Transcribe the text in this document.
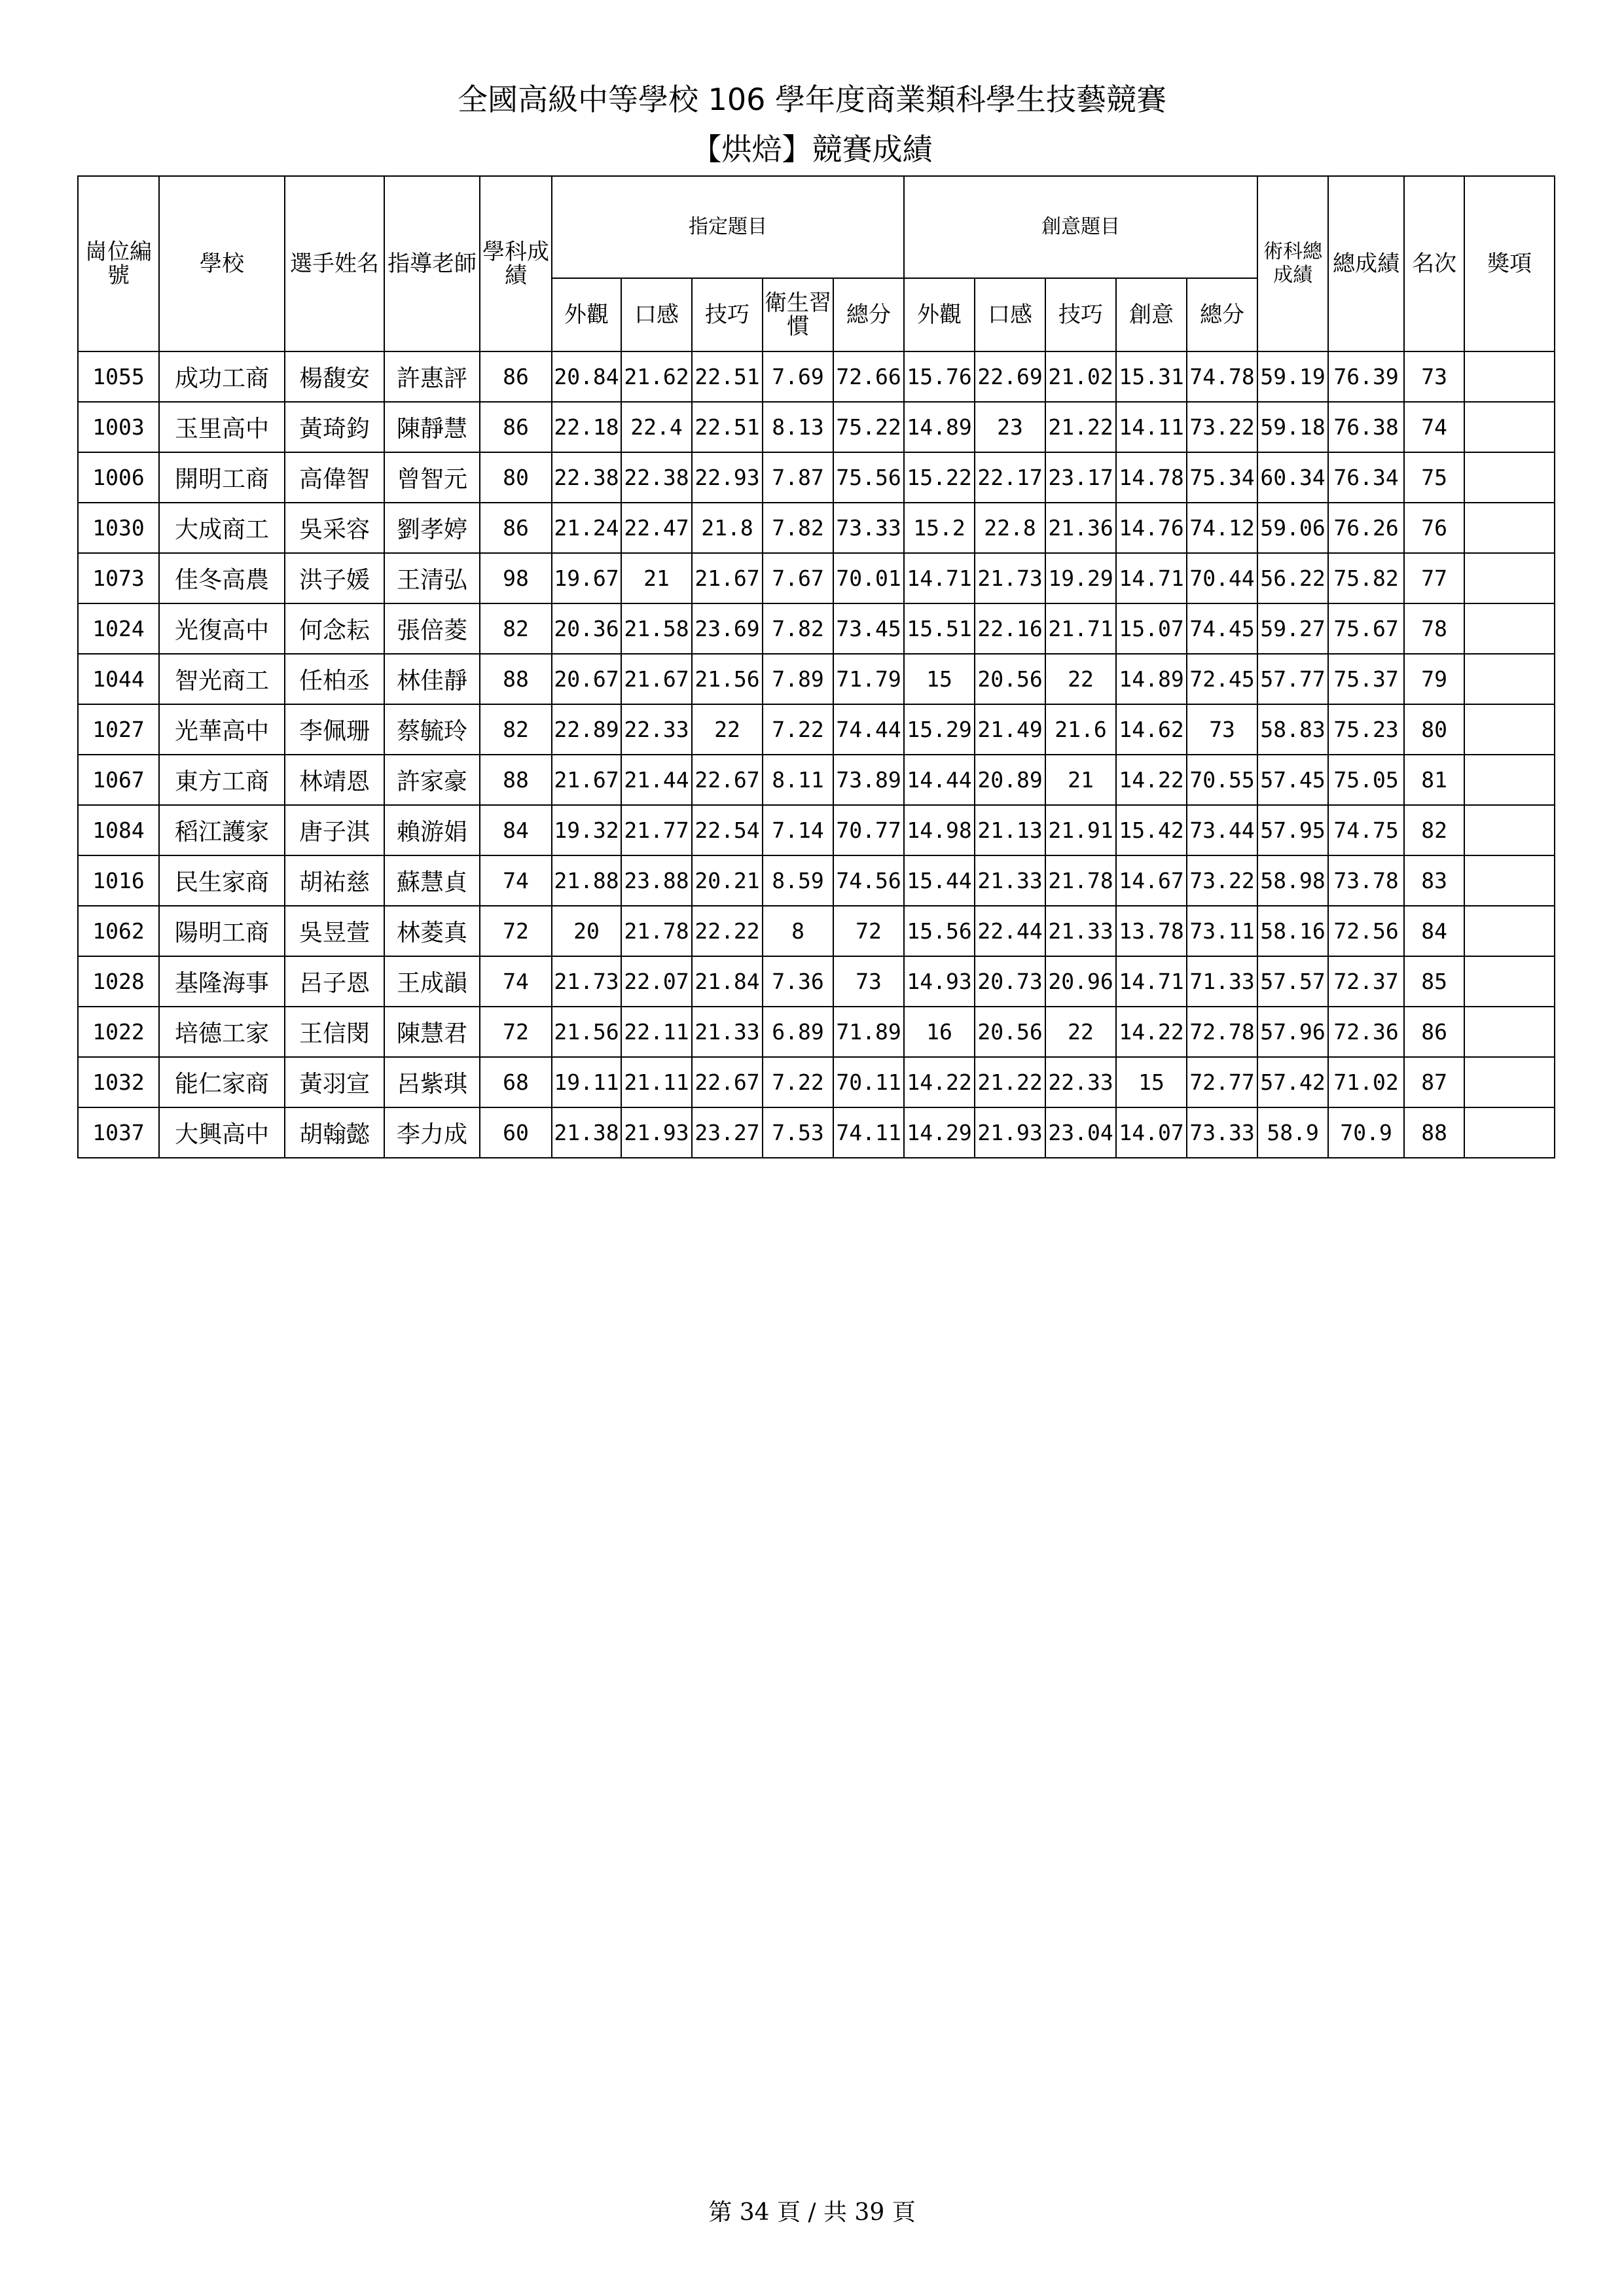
全國高級中等學校 106 學年度商業類科學生技藝競賽
【烘焙】競賽成績
崗位編號	學校	選手姓名	指導老師	學科成績	指定題目					創意題目					術科總成績	總成績	名次	獎項
					外觀	口感	技巧	衛生習慣	總分	外觀	口感	技巧	創意	總分				
1055	成功工商	楊馥安	許惠評	86	20.84	21.62	22.51	7.69	72.66	15.76	22.69	21.02	15.31	74.78	59.19	76.39	73	
1003	玉里高中	黃琦鈞	陳靜慧	86	22.18	22.4	22.51	8.13	75.22	14.89	23	21.22	14.11	73.22	59.18	76.38	74	
1006	開明工商	高偉智	曾智元	80	22.38	22.38	22.93	7.87	75.56	15.22	22.17	23.17	14.78	75.34	60.34	76.34	75	
1030	大成商工	吳采容	劉孝婷	86	21.24	22.47	21.8	7.82	73.33	15.2	22.8	21.36	14.76	74.12	59.06	76.26	76	
1073	佳冬高農	洪子媛	王清弘	98	19.67	21	21.67	7.67	70.01	14.71	21.73	19.29	14.71	70.44	56.22	75.82	77	
1024	光復高中	何念耘	張倍菱	82	20.36	21.58	23.69	7.82	73.45	15.51	22.16	21.71	15.07	74.45	59.27	75.67	78	
1044	智光商工	任柏丞	林佳靜	88	20.67	21.67	21.56	7.89	71.79	15	20.56	22	14.89	72.45	57.77	75.37	79	
1027	光華高中	李佩珊	蔡毓玲	82	22.89	22.33	22	7.22	74.44	15.29	21.49	21.6	14.62	73	58.83	75.23	80	
1067	東方工商	林靖恩	許家豪	88	21.67	21.44	22.67	8.11	73.89	14.44	20.89	21	14.22	70.55	57.45	75.05	81	
1084	稻江護家	唐子淇	賴游娟	84	19.32	21.77	22.54	7.14	70.77	14.98	21.13	21.91	15.42	73.44	57.95	74.75	82	
1016	民生家商	胡祐慈	蘇慧貞	74	21.88	23.88	20.21	8.59	74.56	15.44	21.33	21.78	14.67	73.22	58.98	73.78	83	
1062	陽明工商	吳昱萱	林菱真	72	20	21.78	22.22	8	72	15.56	22.44	21.33	13.78	73.11	58.16	72.56	84	
1028	基隆海事	呂子恩	王成韻	74	21.73	22.07	21.84	7.36	73	14.93	20.73	20.96	14.71	71.33	57.57	72.37	85	
1022	培德工家	王信閔	陳慧君	72	21.56	22.11	21.33	6.89	71.89	16	20.56	22	14.22	72.78	57.96	72.36	86	
1032	能仁家商	黃羽宣	呂紫琪	68	19.11	21.11	22.67	7.22	70.11	14.22	21.22	22.33	15	72.77	57.42	71.02	87	
1037	大興高中	胡翰懿	李力成	60	21.38	21.93	23.27	7.53	74.11	14.29	21.93	23.04	14.07	73.33	58.9	70.9	88	
第 34 頁 / 共 39 頁
